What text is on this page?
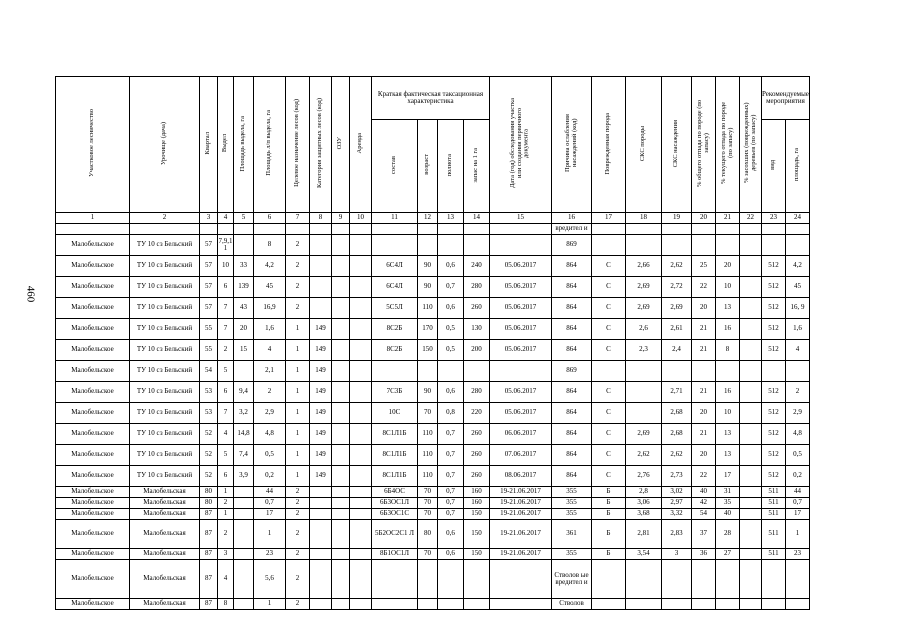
460
Участковое лесничество	Урочище (дача)	Квартал	Выдел	Площадь выдела, га	Площадь л/п выдела, га	Целевое назначение лесов (код)	Категория защитных лесов (код)	ОЗУ	Аренда	Краткая фактическая таксационная характеристика				Дата (год) обследования участка или создания первичного документа	Причина ослабления насаждений (код)	Поврежденная порода	СКС породы	СКС насаждения	% общего отпада по породе (по запасу)	% текущего отпада по породе (по запасу)	% засохших (поврежденных) деревьев (по запасу)	Рекомендуемые мероприятия	
										состав	возраст	полнота	запас на 1 га									вид	площадь, га
1	2	3	4	5	6	7	8	9	10	11	12	13	14	15	16	17	18	19	20	21	22	23	24
															вредител и								
Малобельское	ТУ 10 сз Бельский	57	7,9,1 1		8	2									869								
Малобельское	ТУ 10 сз Бельский	57	10	33	4,2	2				6С4Л	90	0,6	240	05.06.2017	864	С	2,66	2,62	25	20		512	4,2
Малобельское	ТУ 10 сз Бельский	57	6	139	45	2				6С4Л	90	0,7	280	05.06.2017	864	С	2,69	2,72	22	10		512	45
Малобельское	ТУ 10 сз Бельский	57	7	43	16,9	2				5С5Л	110	0,6	260	05.06.2017	864	С	2,69	2,69	20	13		512	16, 9
Малобельское	ТУ 10 сз Бельский	55	7	20	1,6	1	149			8С2Б	170	0,5	130	05.06.2017	864	С	2,6	2,61	21	16		512	1,6
Малобельское	ТУ 10 сз Бельский	55	2	15	4	1	149			8С2Б	150	0,5	200	05.06.2017	864	С	2,3	2,4	21	8		512	4
Малобельское	ТУ 10 сз Бельский	54	5		2,1	1	149								869								
Малобельское	ТУ 10 сз Бельский	53	6	9,4	2	1	149			7С3Б	90	0,6	280	05.06.2017	864	С		2,71	21	16		512	2
Малобельское	ТУ 10 сз Бельский	53	7	3,2	2,9	1	149			10С	70	0,8	220	05.06.2017	864	С		2,68	20	10		512	2,9
Малобельское	ТУ 10 сз Бельский	52	4	14,8	4,8	1	149			8С1Л1Б	110	0,7	260	06.06.2017	864	С	2,69	2,68	21	13		512	4,8
Малобельское	ТУ 10 сз Бельский	52	5	7,4	0,5	1	149			8С1Л1Б	110	0,7	260	07.06.2017	864	С	2,62	2,62	20	13		512	0,5
Малобельское	ТУ 10 сз Бельский	52	6	3,9	0,2	1	149			8С1Л1Б	110	0,7	260	08.06.2017	864	С	2,76	2,73	22	17		512	0,2
Малобельское	Малобельская	80	1		44	2				6Б4ОС	70	0,7	160	19-21.06.2017	355	Б	2,8	3,02	40	31		511	44
Малобельское	Малобельская	80	2		0,7	2				6Б3ОС1Л	70	0,7	160	19-21.06.2017	355	Б	3,06	2,97	42	35		511	0,7
Малобельское	Малобельская	87	1		17	2				6Б3ОС1С	70	0,7	150	19-21.06.2017	355	Б	3,68	3,32	54	40		511	17
Малобельское	Малобельская	87	2		1	2				5Б2ОС2С1 Л	80	0,6	150	19-21.06.2017	361	Б	2,81	2,83	37	28		511	1
Малобельское	Малобельская	87	3		23	2				8Б1ОС1Л	70	0,6	150	19-21.06.2017	355	Б	3,54	3	36	27		511	23
Малобельское	Малобельская	87	4		5,6	2									Стволов ые вредител и								
Малобельское	Малобельская	87	8		1	2									Стволов								
